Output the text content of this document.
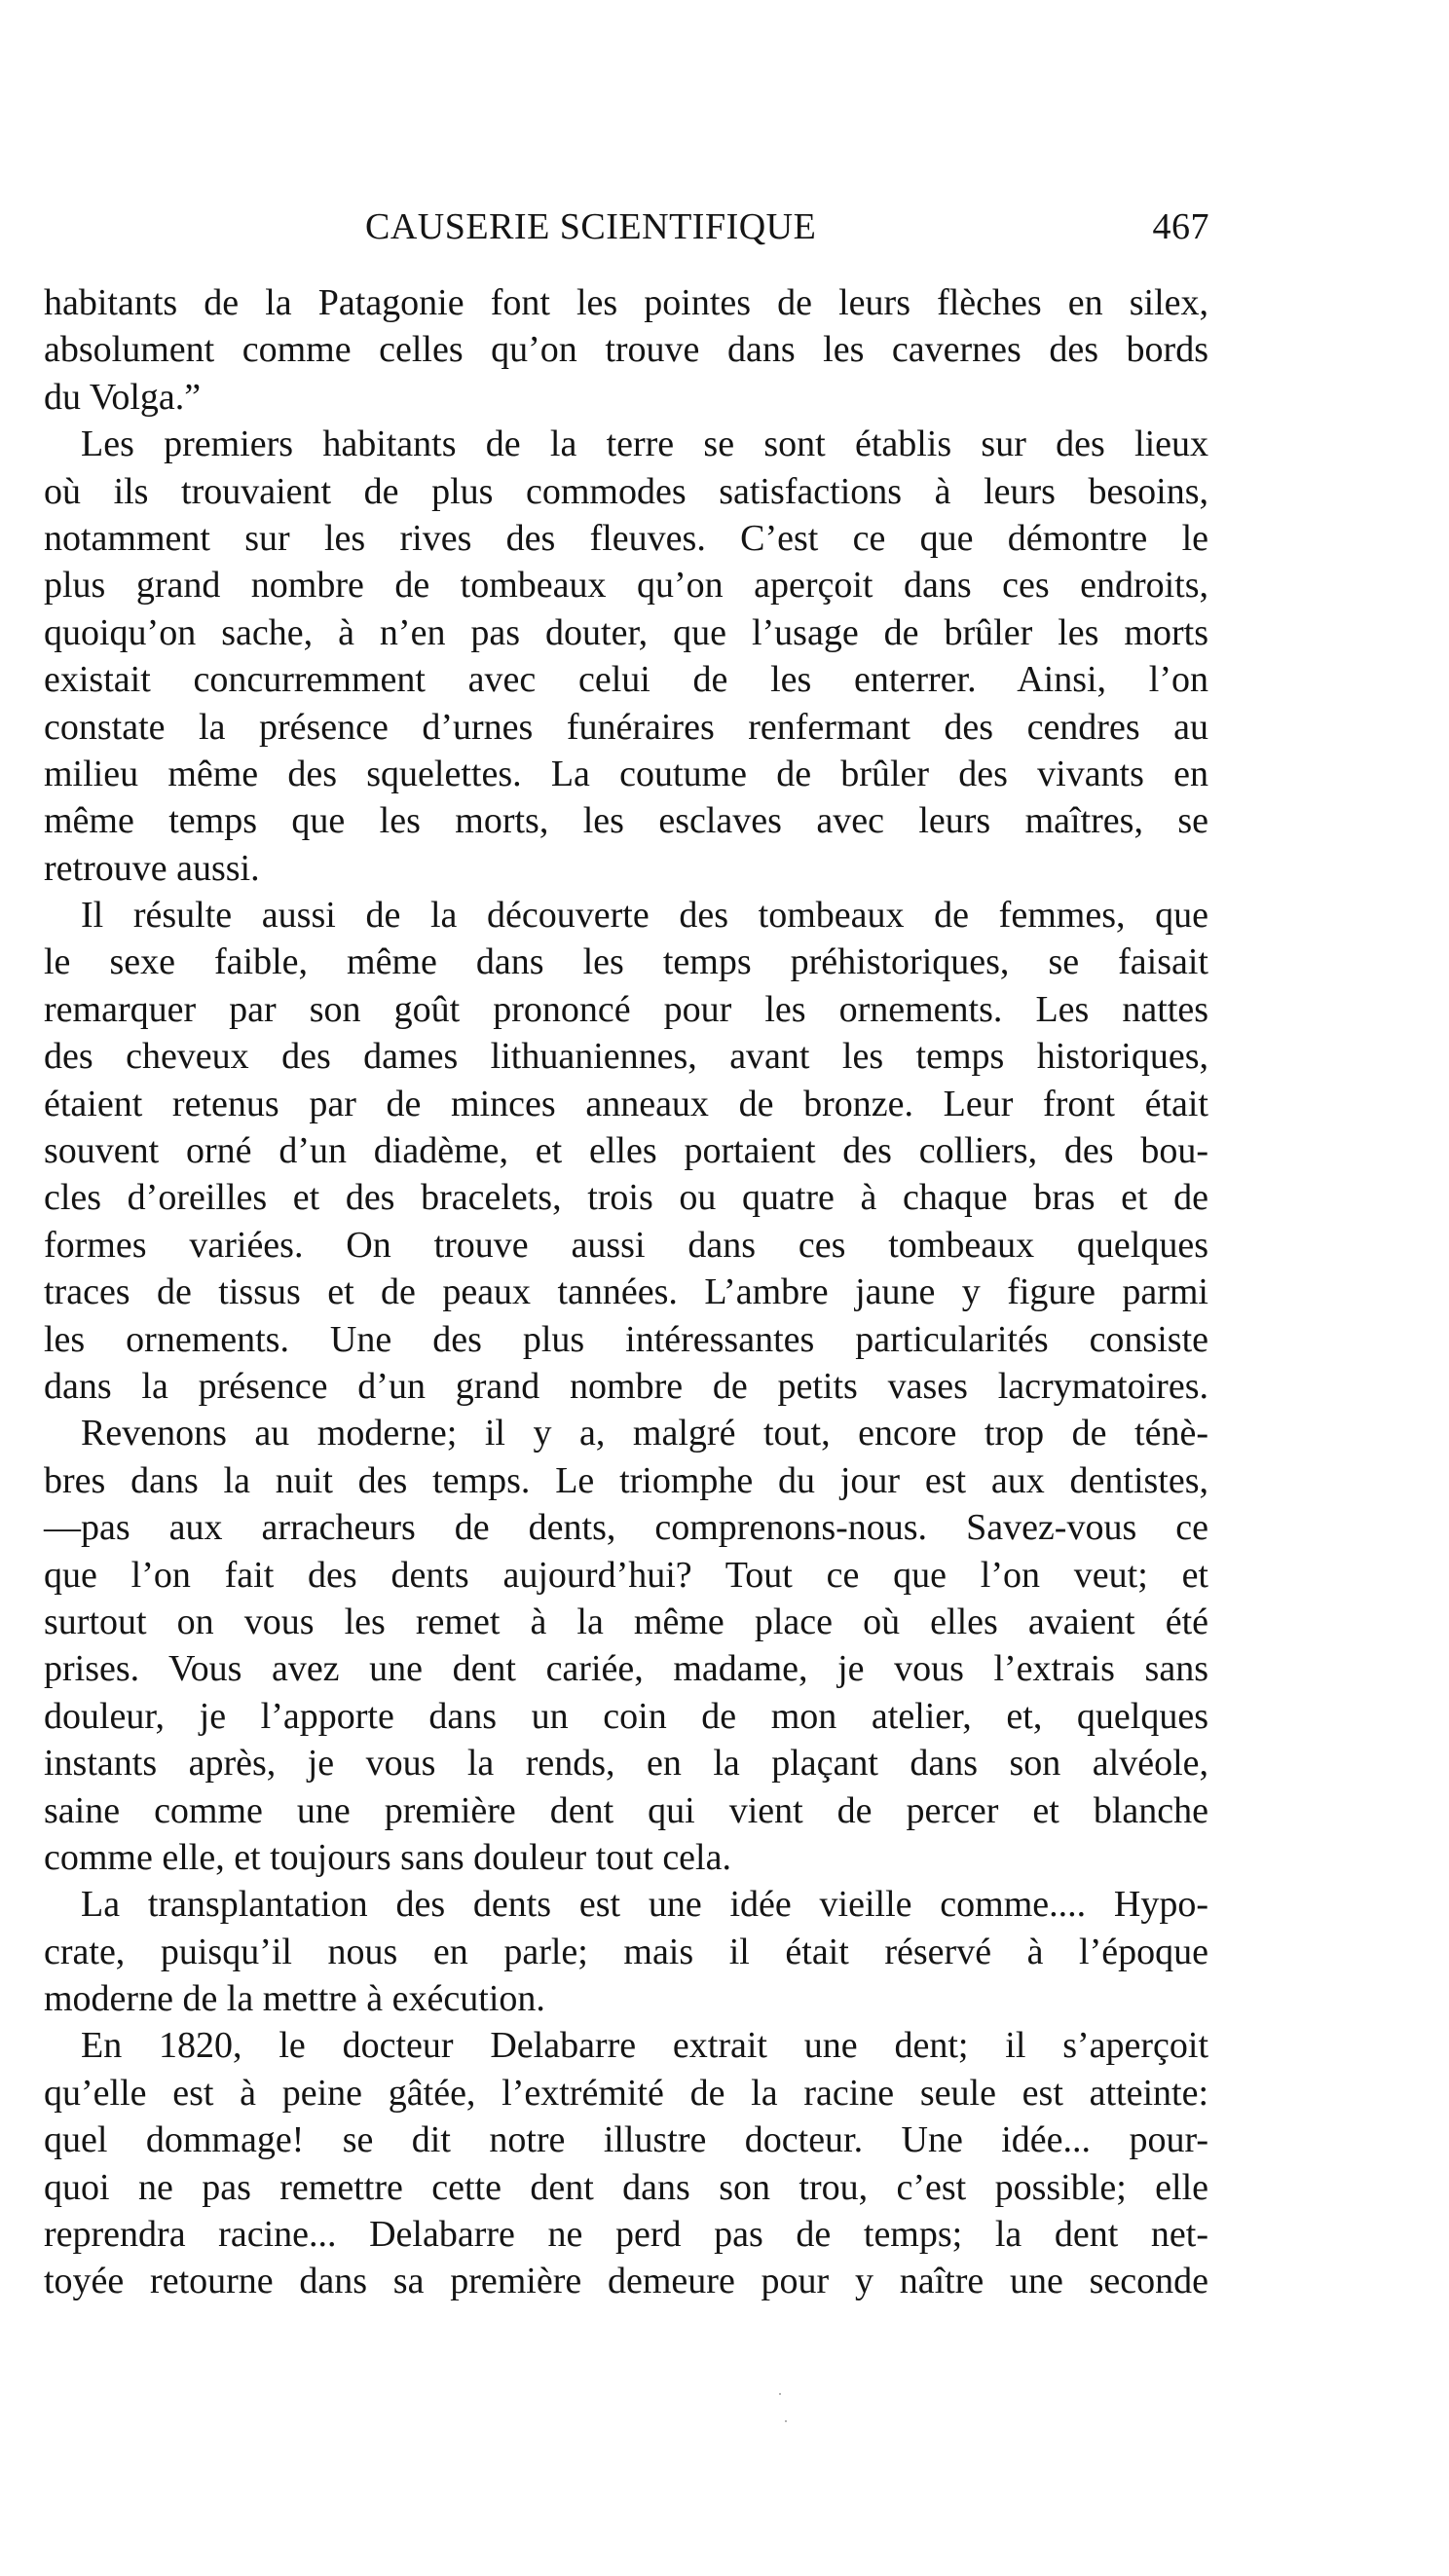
CAUSERIE SCIENTIFIQUE	467
habitants de la Patagonie font les pointes de leurs flèches en silex,
absolument comme celles qu’on trouve dans les cavernes des bords
du Volga.”
Les premiers habitants de la terre se sont établis sur des lieux
où ils trouvaient de plus commodes satisfactions à leurs besoins,
notamment sur les rives des fleuves. C’est ce que démontre le
plus grand nombre de tombeaux qu’on aperçoit dans ces endroits,
quoiqu’on sache, à n’en pas douter, que l’usage de brûler les morts
existait concurremment avec celui de les enterrer. Ainsi, l’on
constate la présence d’urnes funéraires renfermant des cendres au
milieu même des squelettes. La coutume de brûler des vivants en
même temps que les morts, les esclaves avec leurs maîtres, se
retrouve aussi.
Il résulte aussi de la découverte des tombeaux de femmes, que
le sexe faible, même dans les temps préhistoriques, se faisait
remarquer par son goût prononcé pour les ornements. Les nattes
des cheveux des dames lithuaniennes, avant les temps historiques,
étaient retenus par de minces anneaux de bronze. Leur front était
souvent orné d’un diadème, et elles portaient des colliers, des bou-
cles d’oreilles et des bracelets, trois ou quatre à chaque bras et de
formes variées. On trouve aussi dans ces tombeaux quelques
traces de tissus et de peaux tannées. L’ambre jaune y figure parmi
les ornements. Une des plus intéressantes particularités consiste
dans la présence d’un grand nombre de petits vases lacrymatoires.
Revenons au moderne; il y a, malgré tout, encore trop de ténè-
bres dans la nuit des temps. Le triomphe du jour est aux dentistes,
—pas aux arracheurs de dents, comprenons-nous. Savez-vous ce
que l’on fait des dents aujourd’hui? Tout ce que l’on veut; et
surtout on vous les remet à la même place où elles avaient été
prises. Vous avez une dent cariée, madame, je vous l’extrais sans
douleur, je l’apporte dans un coin de mon atelier, et, quelques
instants après, je vous la rends, en la plaçant dans son alvéole,
saine comme une première dent qui vient de percer et blanche
comme elle, et toujours sans douleur tout cela.
La transplantation des dents est une idée vieille comme.... Hypo-
crate, puisqu’il nous en parle; mais il était réservé à l’époque
moderne de la mettre à exécution.
En 1820, le docteur Delabarre extrait une dent; il s’aperçoit
qu’elle est à peine gâtée, l’extrémité de la racine seule est atteinte:
quel dommage! se dit notre illustre docteur. Une idée... pour-
quoi ne pas remettre cette dent dans son trou, c’est possible; elle
reprendra racine... Delabarre ne perd pas de temps; la dent net-
toyée retourne dans sa première demeure pour y naître une seconde
